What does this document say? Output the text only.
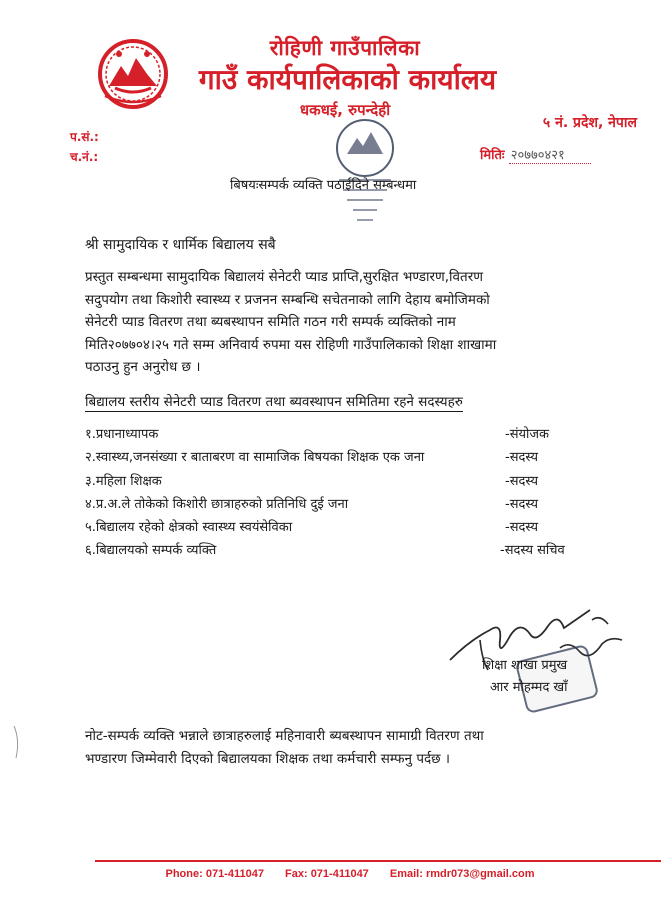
रोहिणी गाउँपालिका
गाउँ कार्यपालिकाको कार्यालय
धकधई, रुपन्देही
५ नं. प्रदेश, नेपाल
प.सं.:
च.नं.:	मितिः २०७७०४२१
बिषयःसम्पर्क व्यक्ति पठाईदिने सम्बन्धमा
श्री सामुदायिक र धार्मिक बिद्यालय सबै
प्रस्तुत सम्बन्धमा सामुदायिक बिद्यालयं सेनेटरी प्याड प्राप्ति,सुरक्षित भण्डारण,वितरण
सदुपयोग तथा किशोरी स्वास्थ्य र प्रजनन सम्बन्धि सचेतनाको लागि देहाय बमोजिमको
सेनेटरी प्याड वितरण तथा ब्यबस्थापन समिति गठन गरी सम्पर्क व्यक्तिको नाम
मिति२०७७०४।२५ गते सम्म अनिवार्य रुपमा यस रोहिणी गाउँपालिकाको शिक्षा शाखामा
पठाउनु हुन अनुरोध छ ।
बिद्यालय स्तरीय सेनेटरी प्याड वितरण तथा ब्यवस्थापन समितिमा रहने सदस्यहरु
१.प्रधानाध्यापक	-संयोजक
२.स्वास्थ्य,जनसंख्या र बाताबरण वा सामाजिक बिषयका शिक्षक एक जना	-सदस्य
३.महिला शिक्षक	-सदस्य
४.प्र.अ.ले तोकेको किशोरी छात्राहरुको प्रतिनिधि दुई जना	-सदस्य
५.बिद्यालय रहेको क्षेत्रको स्वास्थ्य स्वयंसेविका	-सदस्य
६.बिद्यालयको सम्पर्क व्यक्ति	-सदस्य सचिव
शिक्षा शाखा प्रमुख
आर मोहम्मद खाँ
नोट-सम्पर्क व्यक्ति भन्नाले छात्राहरुलाई महिनावारी ब्यबस्थापन सामाग्री वितरण तथा
भण्डारण जिम्मेवारी दिएको बिद्यालयका शिक्षक तथा कर्मचारी सम्फनु पर्दछ ।
Phone: 071-411047 Fax: 071-411047 Email: rmdr073@gmail.com
